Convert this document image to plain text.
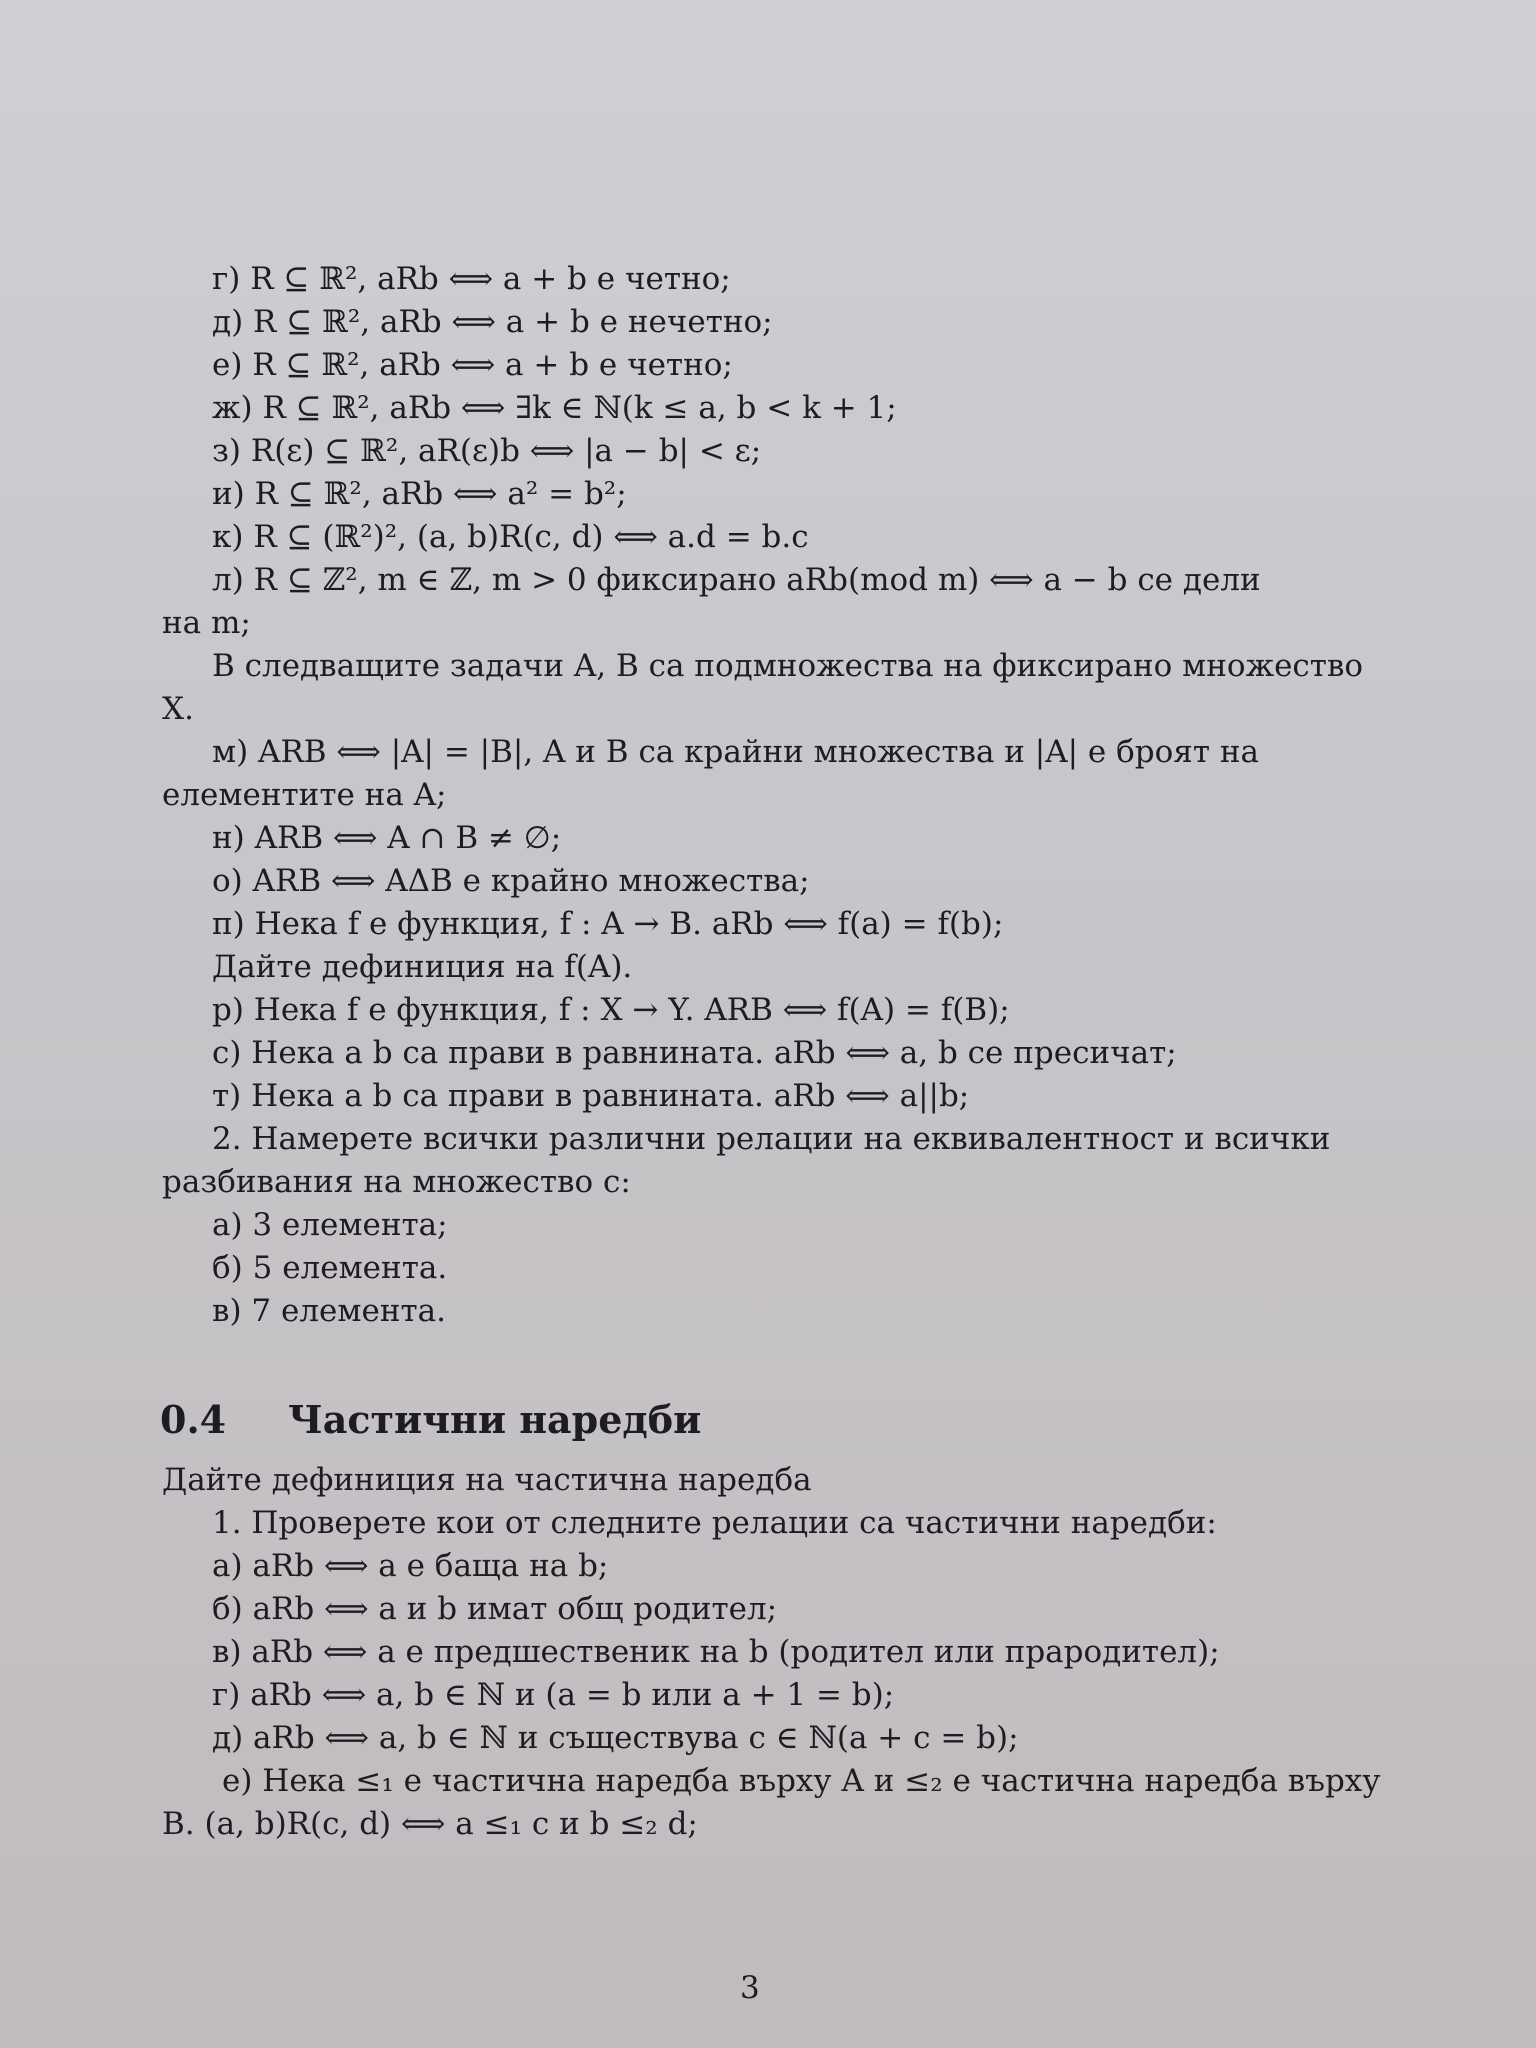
г) R ⊆ ℝ², aRb ⟺ a + b е четно;
д) R ⊆ ℝ², aRb ⟺ a + b е нечетно;
е) R ⊆ ℝ², aRb ⟺ a + b е четно;
ж) R ⊆ ℝ², aRb ⟺ ∃k ∈ ℕ(k ≤ a, b < k + 1;
з) R(ε) ⊆ ℝ², aR(ε)b ⟺ |a − b| < ε;
и) R ⊆ ℝ², aRb ⟺ a² = b²;
к) R ⊆ (ℝ²)², (a, b)R(c, d) ⟺ a.d = b.c
л) R ⊆ ℤ², m ∈ ℤ, m > 0 фиксирано aRb(mod m) ⟺ a − b се дели
на m;
В следващите задачи A, B са подмножества на фиксирано множество
X.
м) ARB ⟺ |A| = |B|, A и B са крайни множества и |A| е броят на
елементите на A;
н) ARB ⟺ A ∩ B ≠ ∅;
о) ARB ⟺ AΔB е крайно множества;
п) Нека f е функция, f : A → B. aRb ⟺ f(a) = f(b);
Дайте дефиниция на f(A).
р) Нека f е функция, f : X → Y. ARB ⟺ f(A) = f(B);
с) Нека a b са прави в равнината. aRb ⟺ a, b се пресичат;
т) Нека a b са прави в равнината. aRb ⟺ a||b;
2. Намерете всички различни релации на еквивалентност и всички
разбивания на множество с:
а) 3 елемента;
б) 5 елемента.
в) 7 елемента.
0.4 Частични наредби
Дайте дефиниция на частична наредба
1. Проверете кои от следните релации са частични наредби:
а) aRb ⟺ a е баща на b;
б) aRb ⟺ a и b имат общ родител;
в) aRb ⟺ a е предшественик на b (родител или прародител);
г) aRb ⟺ a, b ∈ ℕ и (a = b или a + 1 = b);
д) aRb ⟺ a, b ∈ ℕ и съществува c ∈ ℕ(a + c = b);
е) Нека ≤₁ е частична наредба върху A и ≤₂ е частична наредба върху
B. (a, b)R(c, d) ⟺ a ≤₁ c и b ≤₂ d;
3
